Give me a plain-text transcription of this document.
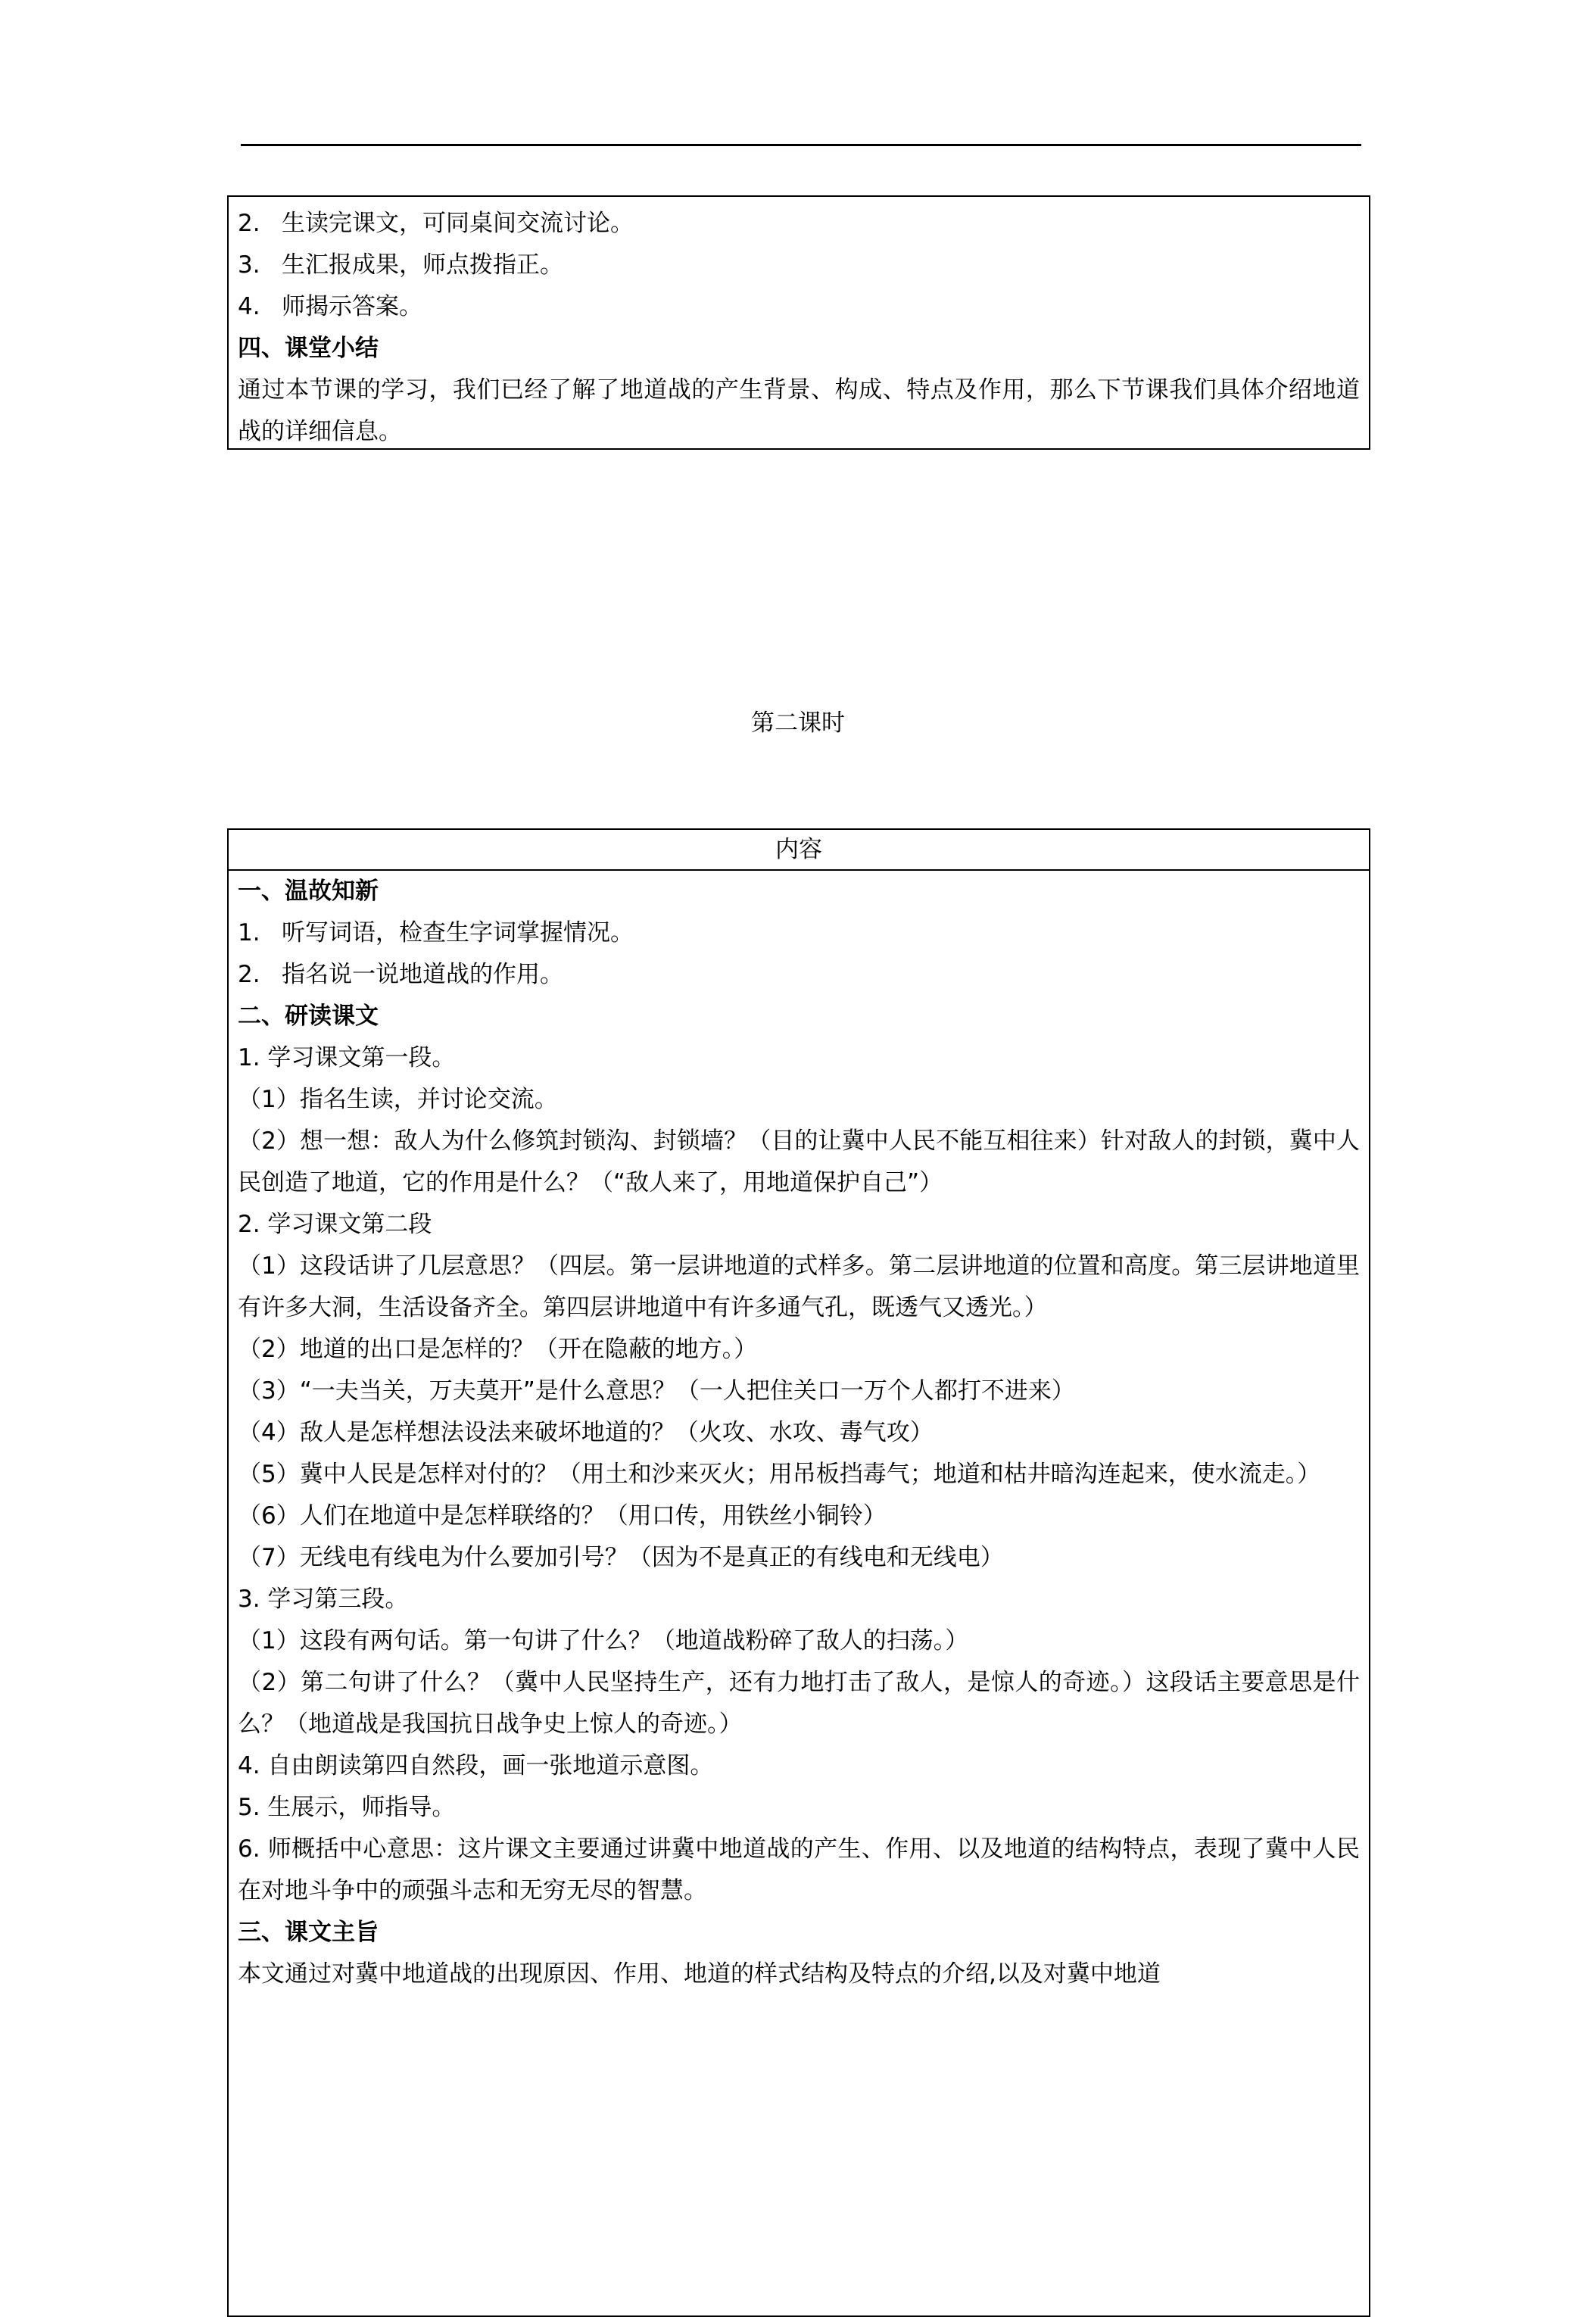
2. 生读完课文，可同桌间交流讨论。
3. 生汇报成果，师点拨指正。
4. 师揭示答案。
四、课堂小结
通过本节课的学习，我们已经了解了地道战的产生背景、构成、特点及作用，那么下节课我们具体介绍地道战的详细信息。
第二课时
内容
一、温故知新
1. 听写词语，检查生字词掌握情况。
2. 指名说一说地道战的作用。
二、研读课文
1. 学习课文第一段。
（1）指名生读，并讨论交流。
（2）想一想：敌人为什么修筑封锁沟、封锁墙？（目的让冀中人民不能互相往来）针对敌人的封锁，冀中人民创造了地道，它的作用是什么？（“敌人来了，用地道保护自己”）
2. 学习课文第二段
（1）这段话讲了几层意思？（四层。第一层讲地道的式样多。第二层讲地道的位置和高度。第三层讲地道里有许多大洞，生活设备齐全。第四层讲地道中有许多通气孔，既透气又透光。）
（2）地道的出口是怎样的？（开在隐蔽的地方。）
（3）“一夫当关，万夫莫开”是什么意思？（一人把住关口一万个人都打不进来）
（4）敌人是怎样想法设法来破坏地道的？（火攻、水攻、毒气攻）
（5）冀中人民是怎样对付的？（用土和沙来灭火；用吊板挡毒气；地道和枯井暗沟连起来，使水流走。）
（6）人们在地道中是怎样联络的？（用口传，用铁丝小铜铃）
（7）无线电有线电为什么要加引号？（因为不是真正的有线电和无线电）
3. 学习第三段。
（1）这段有两句话。第一句讲了什么？（地道战粉碎了敌人的扫荡。）
（2）第二句讲了什么？（冀中人民坚持生产，还有力地打击了敌人，是惊人的奇迹。）这段话主要意思是什么？（地道战是我国抗日战争史上惊人的奇迹。）
4. 自由朗读第四自然段，画一张地道示意图。
5. 生展示，师指导。
6. 师概括中心意思：这片课文主要通过讲冀中地道战的产生、作用、以及地道的结构特点，表现了冀中人民在对地斗争中的顽强斗志和无穷无尽的智慧。
三、课文主旨
本文通过对冀中地道战的出现原因、作用、地道的样式结构及特点的介绍,以及对冀中地道
